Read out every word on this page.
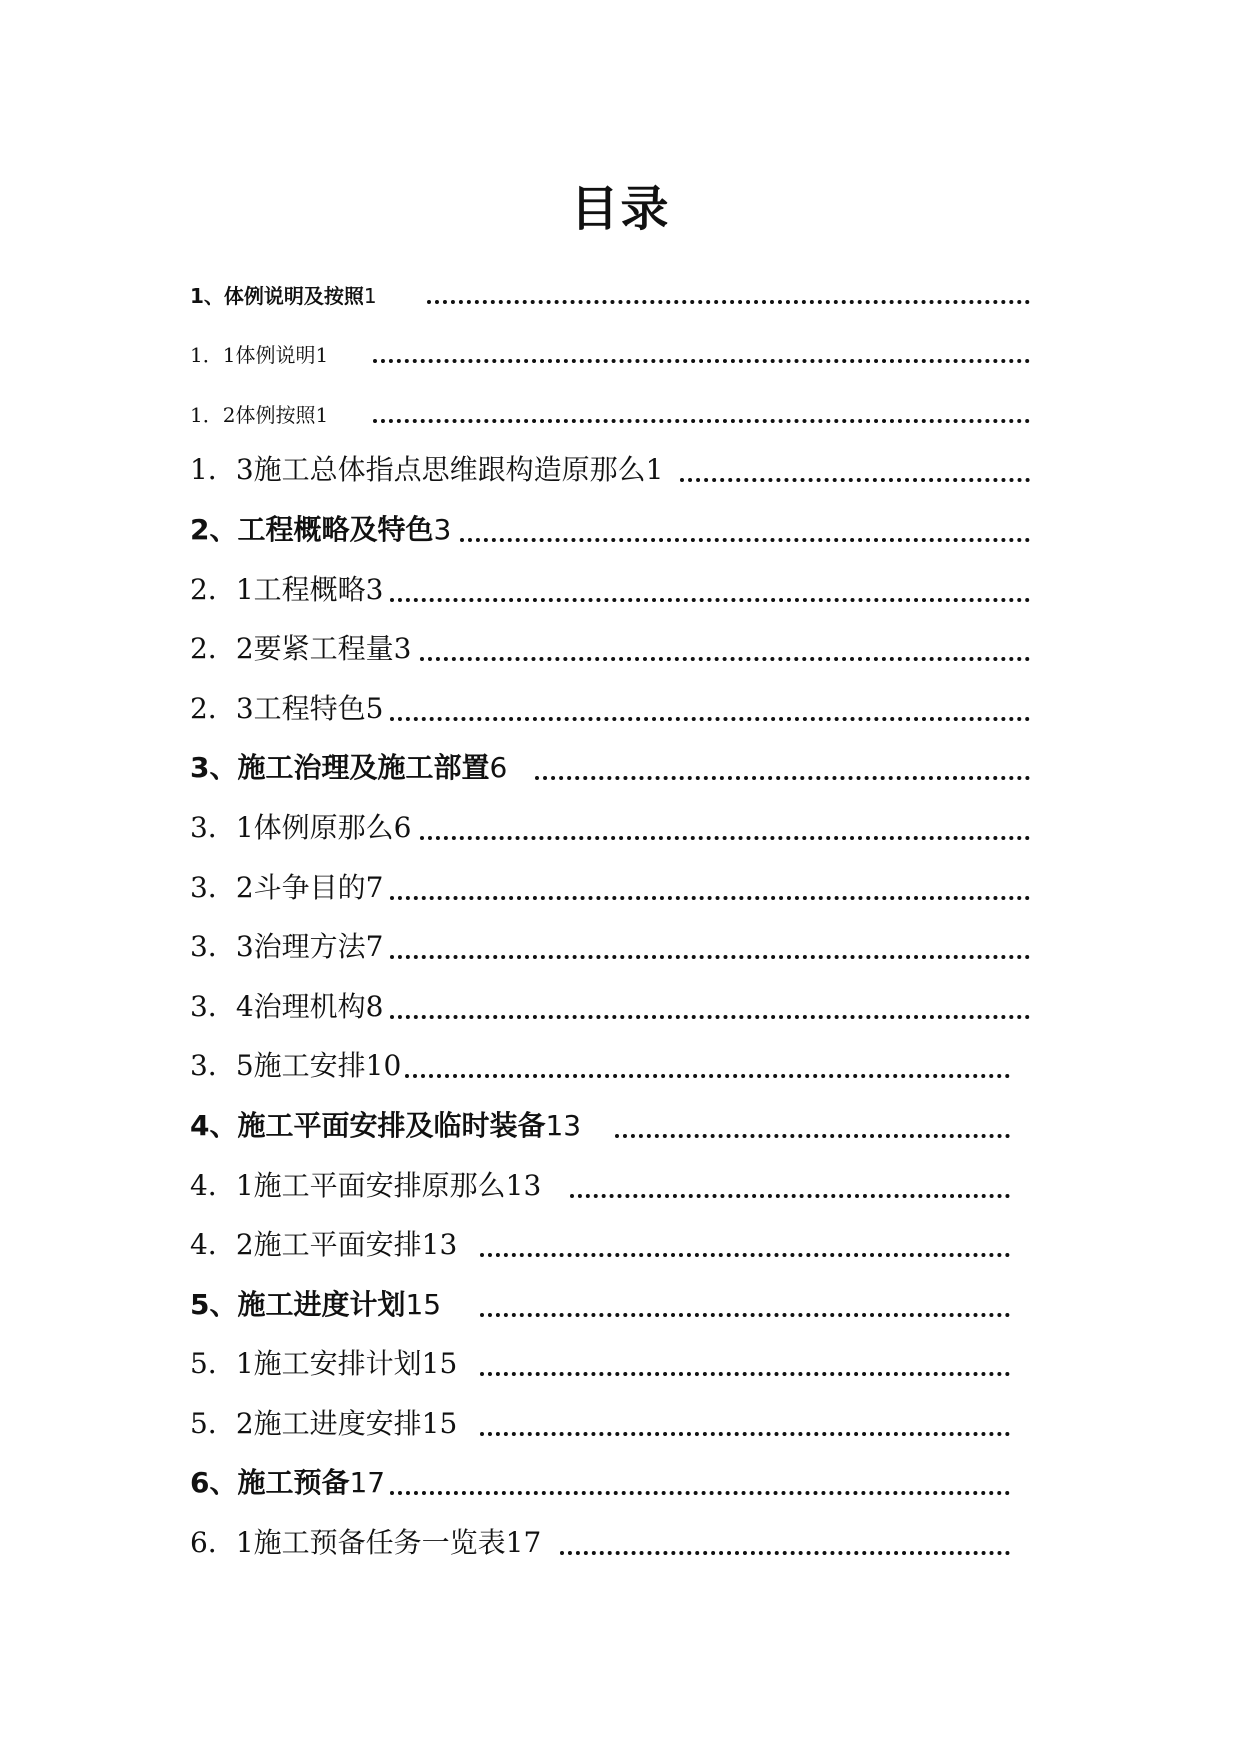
目录
1、体例说明及按照1
1．1体例说明1
1．2体例按照1
1．3施工总体指点思维跟构造原那么1
2、工程概略及特色3
2．1工程概略3
2．2要紧工程量3
2．3工程特色5
3、施工治理及施工部置6
3．1体例原那么6
3．2斗争目的7
3．3治理方法7
3．4治理机构8
3．5施工安排10
4、施工平面安排及临时装备13
4．1施工平面安排原那么13
4．2施工平面安排13
5、施工进度计划15
5．1施工安排计划15
5．2施工进度安排15
6、施工预备17
6．1施工预备任务一览表17
